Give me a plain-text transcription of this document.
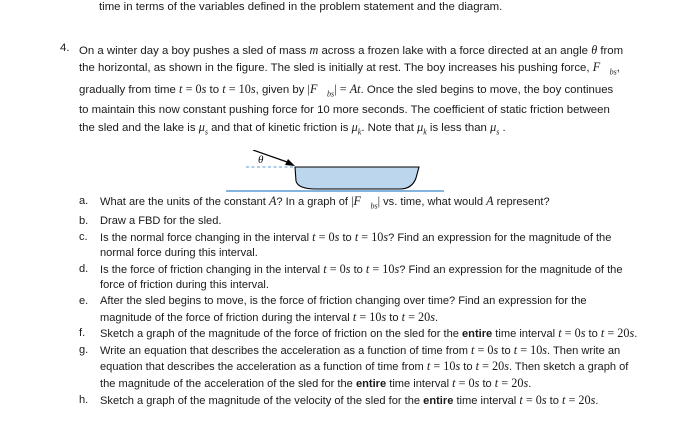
time in terms of the variables defined in the problem statement and the diagram.
4. On a winter day a boy pushes a sled of mass m across a frozen lake with a force directed at an angle θ from

the horizontal, as shown in the figure. The sled is initially at rest. The boy increases his pushing force, $F⃗_{bs}$,

gradually from time t = 0s to t = 10s, given by $|F⃗_{bs}| = At$. Once the sled begins to move, the boy continues

to maintain this now constant pushing force for 10 more seconds. The coefficient of static friction between

the sled and the lake is $\mu_s$ and that of kinetic friction is $\mu_k$. Note that $\mu_k$ is less than $\mu_s$ .

θ
a. What are the units of the constant A? In a graph of $|F⃗_{bs}|$ vs. time, what would A represent?
b. Draw a FBD for the sled.
c. Is the normal force changing in the interval t = 0s to t = 10s? Find an expression for the magnitude of the normal force during this interval.
d. Is the force of friction changing in the interval t = 0s to t = 10s? Find an expression for the magnitude of the force of friction during this interval.
e. After the sled begins to move, is the force of friction changing over time? Find an expression for the magnitude of the force of friction during the interval t = 10s to t = 20s.
f. Sketch a graph of the magnitude of the force of friction on the sled for the entire time interval t = 0s to t = 20s.
g. Write an equation that describes the acceleration as a function of time from t = 0s to t = 10s. Then write an equation that describes the acceleration as a function of time from t = 10s to t = 20s. Then sketch a graph of the magnitude of the acceleration of the sled for the entire time interval t = 0s to t = 20s.
h. Sketch a graph of the magnitude of the velocity of the sled for the entire time interval t = 0s to t = 20s.
